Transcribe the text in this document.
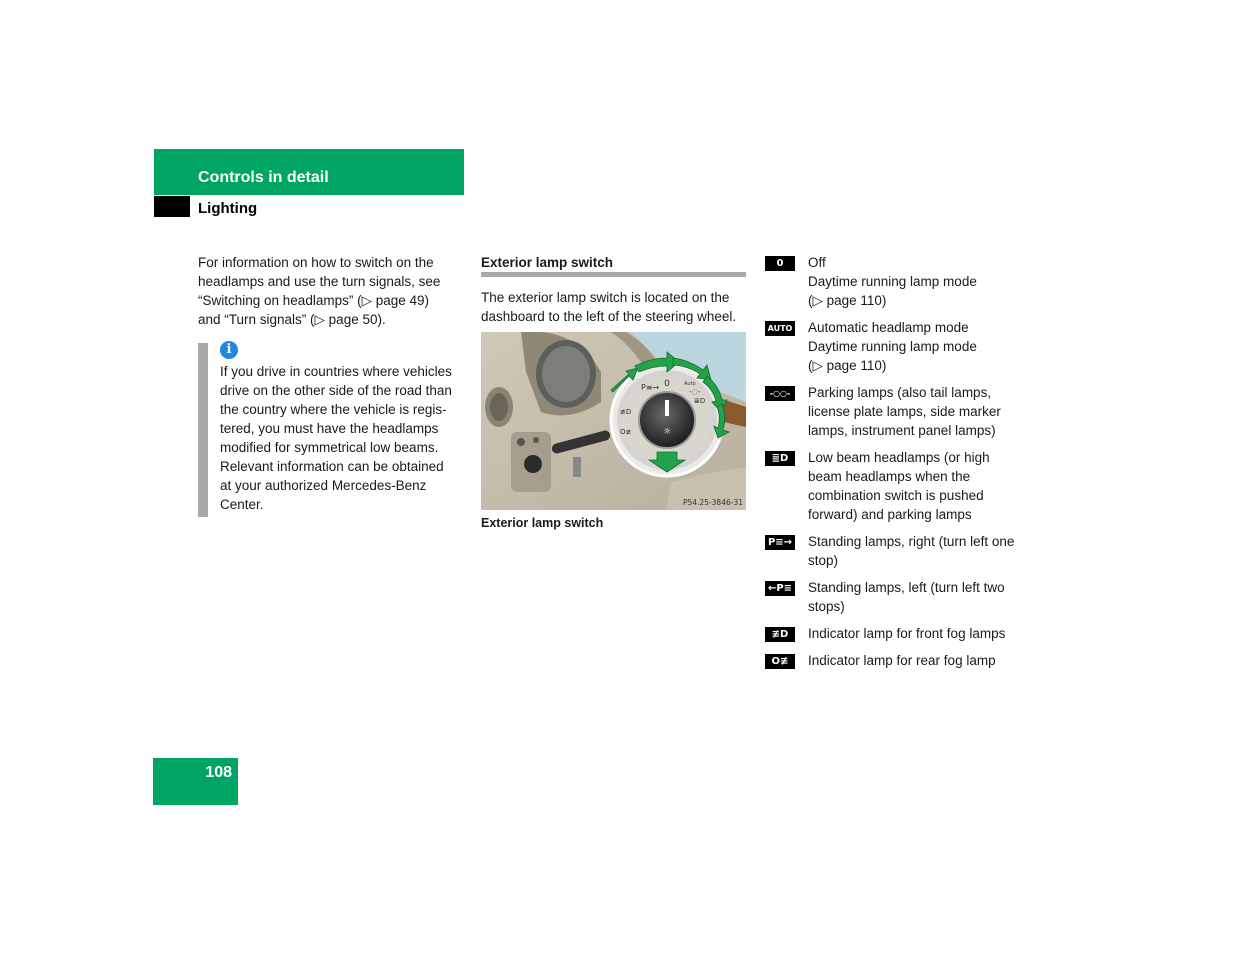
Controls in detail
Lighting
For information on how to switch on the
headlamps and use the turn signals, see
“Switching on headlamps” (▷ page 49)
and “Turn signals” (▷ page 50).
i
If you drive in countries where vehicles
drive on the other side of the road than
the country where the vehicle is regis-
tered, you must have the headlamps
modified for symmetrical low beams.
Relevant information can be obtained
at your authorized Mercedes-Benz
Center.
Exterior lamp switch
The exterior lamp switch is located on the
dashboard to the left of the steering wheel.
☼
0	Auto
P≡→	-◌-
≣D
≢D
O≢
P54.25-3846-31
Exterior lamp switch
0	Off
Daytime running lamp mode
(▷ page 110)
AUTO Automatic headlamp mode
Daytime running lamp mode
(▷ page 110)
-○○-	Parking lamps (also tail lamps,
license plate lamps, side marker
lamps, instrument panel lamps)
≣D	Low beam headlamps (or high
beam headlamps when the
combination switch is pushed
forward) and parking lamps
P≡→ Standing lamps, right (turn left one
stop)
←P≡ Standing lamps, left (turn left two
stops)
≢D	Indicator lamp for front fog lamps
O≢	Indicator lamp for rear fog lamp
108
